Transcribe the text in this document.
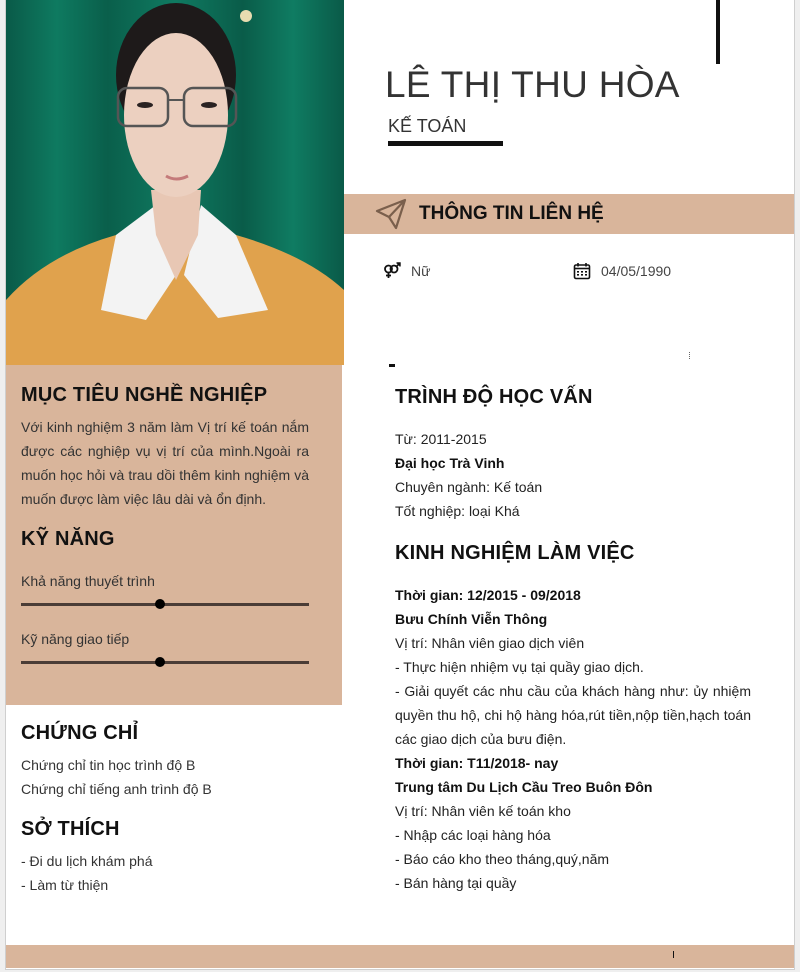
LÊ THỊ THU HÒA
KẾ TOÁN
THÔNG TIN LIÊN HỆ
Nữ	04/05/1990
MỤC TIÊU NGHỀ NGHIỆP
Với kinh nghiệm 3 năm làm Vị trí kế toán nắm được các nghiệp vụ vị trí của mình.Ngoài ra muốn học hỏi và trau dồi thêm kinh nghiệm và muốn được làm việc lâu dài và ổn định.
KỸ NĂNG
Khả năng thuyết trình
Kỹ năng giao tiếp
CHỨNG CHỈ
Chứng chỉ tin học trình độ B
Chứng chỉ tiếng anh trình độ B
SỞ THÍCH
- Đi du lịch khám phá
- Làm từ thiện
TRÌNH ĐỘ HỌC VẤN
Từ: 2011-2015
Đại học Trà Vinh
Chuyên ngành: Kế toán
Tốt nghiệp: loại Khá
KINH NGHIỆM LÀM VIỆC
Thời gian: 12/2015 - 09/2018
Bưu Chính Viễn Thông
Vị trí: Nhân viên giao dịch viên
- Thực hiện nhiệm vụ tại quầy giao dịch.
- Giải quyết các nhu cầu của khách hàng như: ủy nhiệm quyền thu hộ, chi hộ hàng hóa,rút tiền,nộp tiền,hạch toán các giao dịch của bưu điện.
Thời gian: T11/2018- nay
Trung tâm Du Lịch Cầu Treo Buôn Đôn
Vị trí: Nhân viên kế toán kho
- Nhập các loại hàng hóa
- Báo cáo kho theo tháng,quý,năm
- Bán hàng tại quầy
